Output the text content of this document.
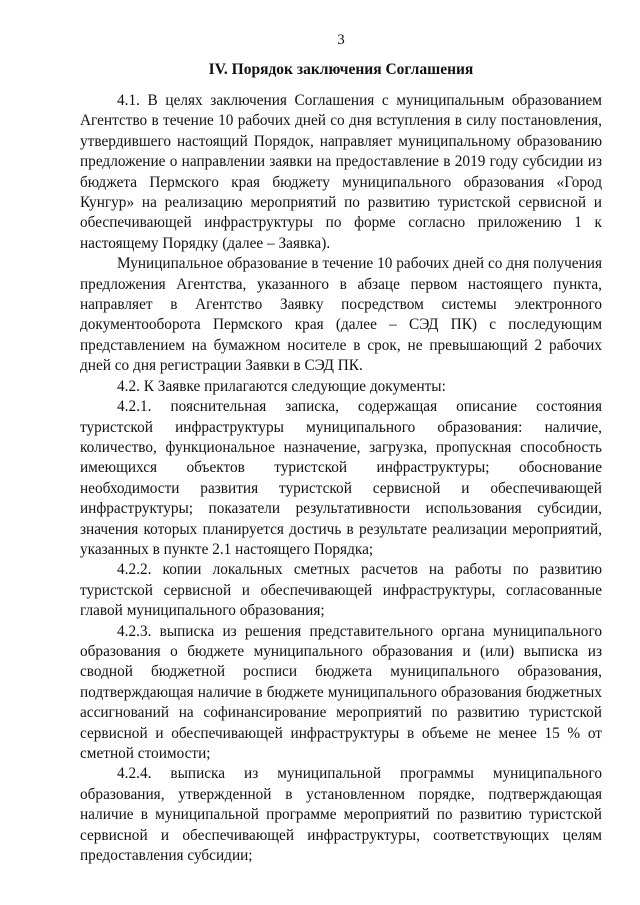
3
IV. Порядок заключения Соглашения

4.1. В целях заключения Соглашения с муниципальным образованием Агентство в течение 10 рабочих дней со дня вступления в силу постановления, утвердившего настоящий Порядок, направляет муниципальному образованию предложение о направлении заявки на предоставление в 2019 году субсидии из бюджета Пермского края бюджету муниципального образования «Город Кунгур» на реализацию мероприятий по развитию туристской сервисной и обеспечивающей инфраструктуры по форме согласно приложению 1 к настоящему Порядку (далее – Заявка).

Муниципальное образование в течение 10 рабочих дней со дня получения предложения Агентства, указанного в абзаце первом настоящего пункта, направляет в Агентство Заявку посредством системы электронного документооборота Пермского края (далее – СЭД ПК) с последующим представлением на бумажном носителе в срок, не превышающий 2 рабочих дней со дня регистрации Заявки в СЭД ПК.

4.2. К Заявке прилагаются следующие документы:

4.2.1. пояснительная записка, содержащая описание состояния туристской инфраструктуры муниципального образования: наличие, количество, функциональное назначение, загрузка, пропускная способность имеющихся объектов туристской инфраструктуры; обоснование необходимости развития туристской сервисной и обеспечивающей инфраструктуры; показатели результативности использования субсидии, значения которых планируется достичь в результате реализации мероприятий, указанных в пункте 2.1 настоящего Порядка;

4.2.2. копии локальных сметных расчетов на работы по развитию туристской сервисной и обеспечивающей инфраструктуры, согласованные главой муниципального образования;

4.2.3. выписка из решения представительного органа муниципального образования о бюджете муниципального образования и (или) выписка из сводной бюджетной росписи бюджета муниципального образования, подтверждающая наличие в бюджете муниципального образования бюджетных ассигнований на софинансирование мероприятий по развитию туристской сервисной и обеспечивающей инфраструктуры в объеме не менее 15 % от сметной стоимости;

4.2.4. выписка из муниципальной программы муниципального образования, утвержденной в установленном порядке, подтверждающая наличие в муниципальной программе мероприятий по развитию туристской сервисной и обеспечивающей инфраструктуры, соответствующих целям предоставления субсидии;
